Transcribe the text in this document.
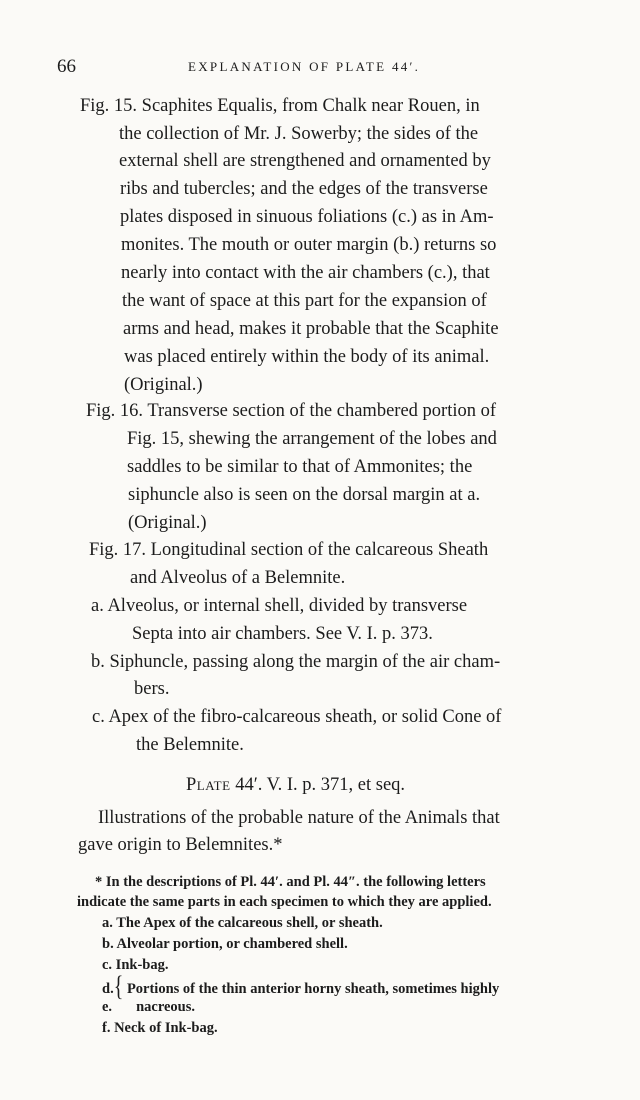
66	EXPLANATION OF PLATE 44′.
Fig. 15. Scaphites Equalis, from Chalk near Rouen, in
the collection of Mr. J. Sowerby; the sides of the
external shell are strengthened and ornamented by
ribs and tubercles; and the edges of the transverse
plates disposed in sinuous foliations (c.) as in Am-
monites. The mouth or outer margin (b.) returns so
nearly into contact with the air chambers (c.), that
the want of space at this part for the expansion of
arms and head, makes it probable that the Scaphite
was placed entirely within the body of its animal.
(Original.)
Fig. 16. Transverse section of the chambered portion of
Fig. 15, shewing the arrangement of the lobes and
saddles to be similar to that of Ammonites; the
siphuncle also is seen on the dorsal margin at a.
(Original.)
Fig. 17. Longitudinal section of the calcareous Sheath
and Alveolus of a Belemnite.
a. Alveolus, or internal shell, divided by transverse
Septa into air chambers. See V. I. p. 373.
b. Siphuncle, passing along the margin of the air cham-
bers.
c. Apex of the fibro-calcareous sheath, or solid Cone of
the Belemnite.
Plate 44′. V. I. p. 371, et seq.
Illustrations of the probable nature of the Animals that
gave origin to Belemnites.*
* In the descriptions of Pl. 44′. and Pl. 44″. the following letters
indicate the same parts in each specimen to which they are applied.
a. The Apex of the calcareous shell, or sheath.
b. Alveolar portion, or chambered shell.
c. Ink-bag.
d.{ Portions of the thin anterior horny sheath, sometimes highly
e. nacreous.
f. Neck of Ink-bag.
